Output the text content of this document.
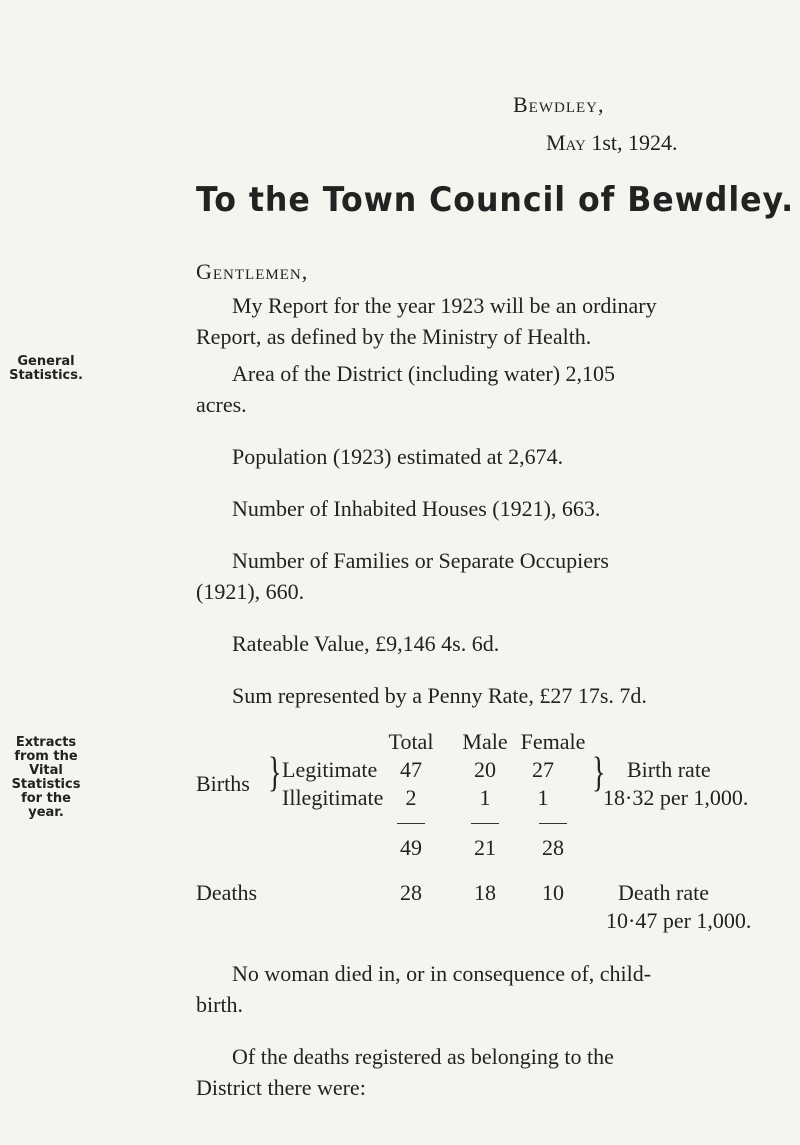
Bewdley,
May 1st, 1924.
To the Town Council of Bewdley.
Gentlemen,
My Report for the year 1923 will be an ordinary
Report, as defined by the Ministry of Health.
General Statistics.	Area of the District (including water) 2,105
acres.
Population (1923) estimated at 2,674.
Number of Inhabited Houses (1921), 663.
Number of Families or Separate Occupiers
(1921), 660.
Rateable Value, £9,146 4s. 6d.
Sum represented by a Penny Rate, £27 17s. 7d.
Extracts from the Vital Statistics for the year.
Total	Male Female
Births } Legitimate	47	20	27
Illegitimate	2	1	1
} Birth rate
18·32 per 1,000.
49	21	28
Deaths	28	18	10	Death rate
10·47 per 1,000.
No woman died in, or in consequence of, child-
birth.
Of the deaths registered as belonging to the
District there were:
